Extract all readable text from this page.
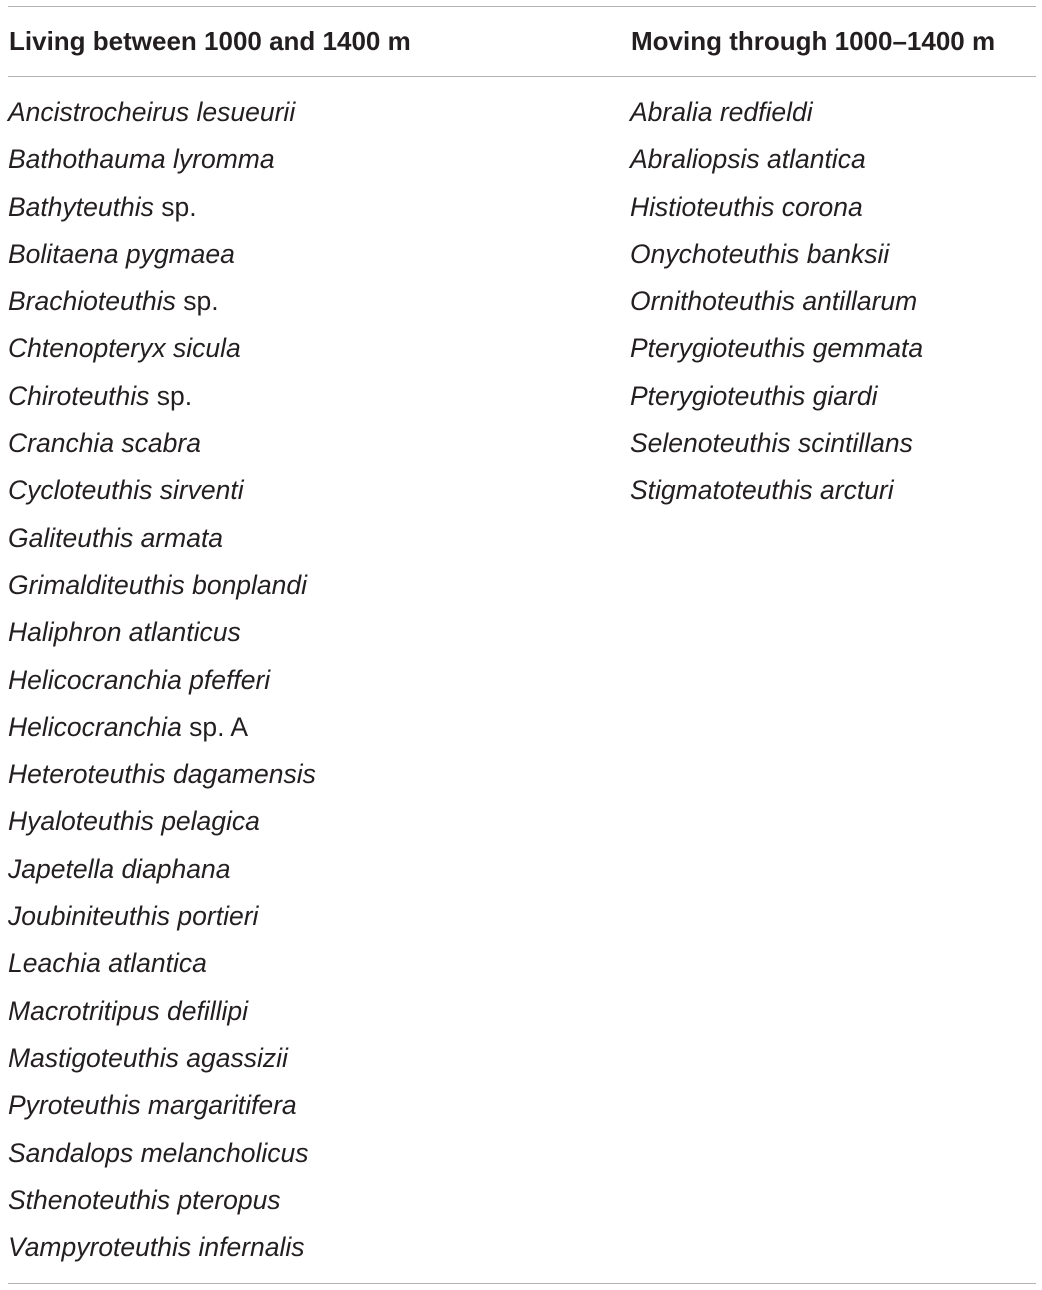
Living between 1000 and 1400 m	Moving through 1000–1400 m
Ancistrocheirus lesueurii
Bathothauma lyromma
Bathyteuthis sp.
Bolitaena pygmaea
Brachioteuthis sp.
Chtenopteryx sicula
Chiroteuthis sp.
Cranchia scabra
Cycloteuthis sirventi
Galiteuthis armata
Grimalditeuthis bonplandi
Haliphron atlanticus
Helicocranchia pfefferi
Helicocranchia sp. A
Heteroteuthis dagamensis
Hyaloteuthis pelagica
Japetella diaphana
Joubiniteuthis portieri
Leachia atlantica
Macrotritipus defillipi
Mastigoteuthis agassizii
Pyroteuthis margaritifera
Sandalops melancholicus
Sthenoteuthis pteropus
Vampyroteuthis infernalis
Abralia redfieldi
Abraliopsis atlantica
Histioteuthis corona
Onychoteuthis banksii
Ornithoteuthis antillarum
Pterygioteuthis gemmata
Pterygioteuthis giardi
Selenoteuthis scintillans
Stigmatoteuthis arcturi
